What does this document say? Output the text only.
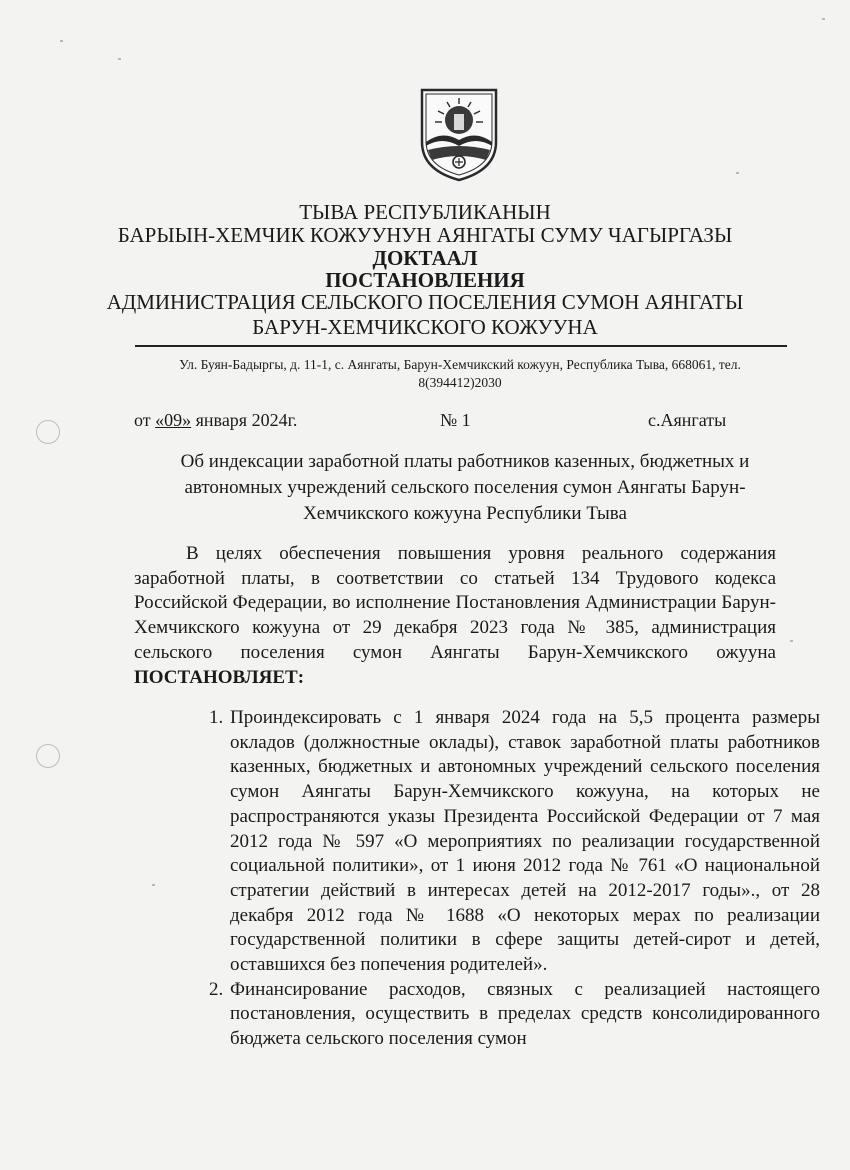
ТЫВА РЕСПУБЛИКАНЫН
БАРЫЫН-ХЕМЧИК КОЖУУНУН АЯНГАТЫ СУМУ ЧАГЫРГАЗЫ
ДОКТААЛ
ПОСТАНОВЛЕНИЯ
АДМИНИСТРАЦИЯ СЕЛЬСКОГО ПОСЕЛЕНИЯ СУМОН АЯНГАТЫ
БАРУН-ХЕМЧИКСКОГО КОЖУУНА
Ул. Буян-Бадыргы, д. 11-1, с. Аянгаты, Барун-Хемчикский кожуун, Республика Тыва, 668061, тел. 8(394412)2030
от «09» января 2024г.	№ 1	с.Аянгаты
Об индексации заработной платы работников казенных, бюджетных и автономных учреждений сельского поселения сумон Аянгаты Барун-Хемчикского кожууна Республики Тыва
В целях обеспечения повышения уровня реального содержания заработной платы, в соответствии со статьей 134 Трудового кодекса Российской Федерации, во исполнение Постановления Администрации Барун-Хемчикского кожууна от 29 декабря 2023 года № 385, администрация сельского поселения сумон Аянгаты Барун-Хемчикского ожууна ПОСТАНОВЛЯЕТ:
1. Проиндексировать с 1 января 2024 года на 5,5 процента размеры окладов (должностные оклады), ставок заработной платы работников казенных, бюджетных и автономных учреждений сельского поселения сумон Аянгаты Барун-Хемчикского кожууна, на которых не распространяются указы Президента Российской Федерации от 7 мая 2012 года № 597 «О мероприятиях по реализации государственной социальной политики», от 1 июня 2012 года № 761 «О национальной стратегии действий в интересах детей на 2012-2017 годы»., от 28 декабря 2012 года № 1688 «О некоторых мерах по реализации государственной политики в сфере защиты детей-сирот и детей, оставшихся без попечения родителей».
2. Финансирование расходов, связных с реализацией настоящего постановления, осуществить в пределах средств консолидированного бюджета сельского поселения сумон
